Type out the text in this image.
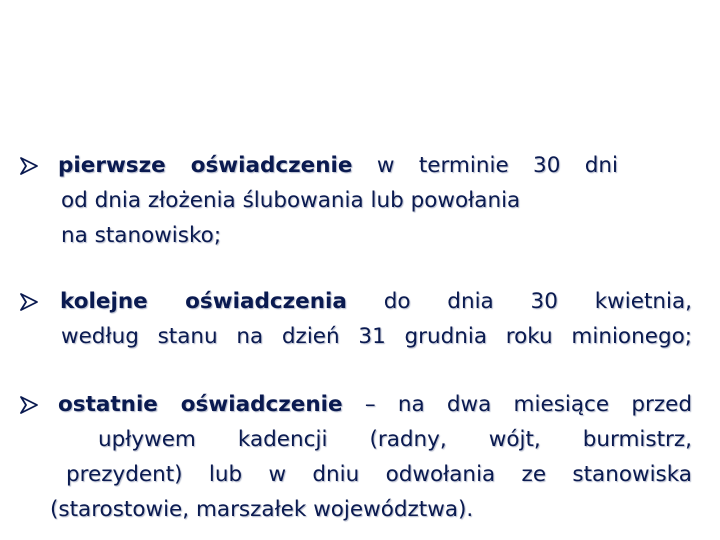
pierwsze oświadczenie w terminie 30 dni
od dnia złożenia ślubowania lub powołania
na stanowisko;
kolejne oświadczenia do dnia 30 kwietnia,
według stanu na dzień 31 grudnia roku minionego;
ostatnie oświadczenie – na dwa miesiące przed
upływem kadencji (radny, wójt, burmistrz,
prezydent) lub w dniu odwołania ze stanowiska
(starostowie, marszałek województwa).
